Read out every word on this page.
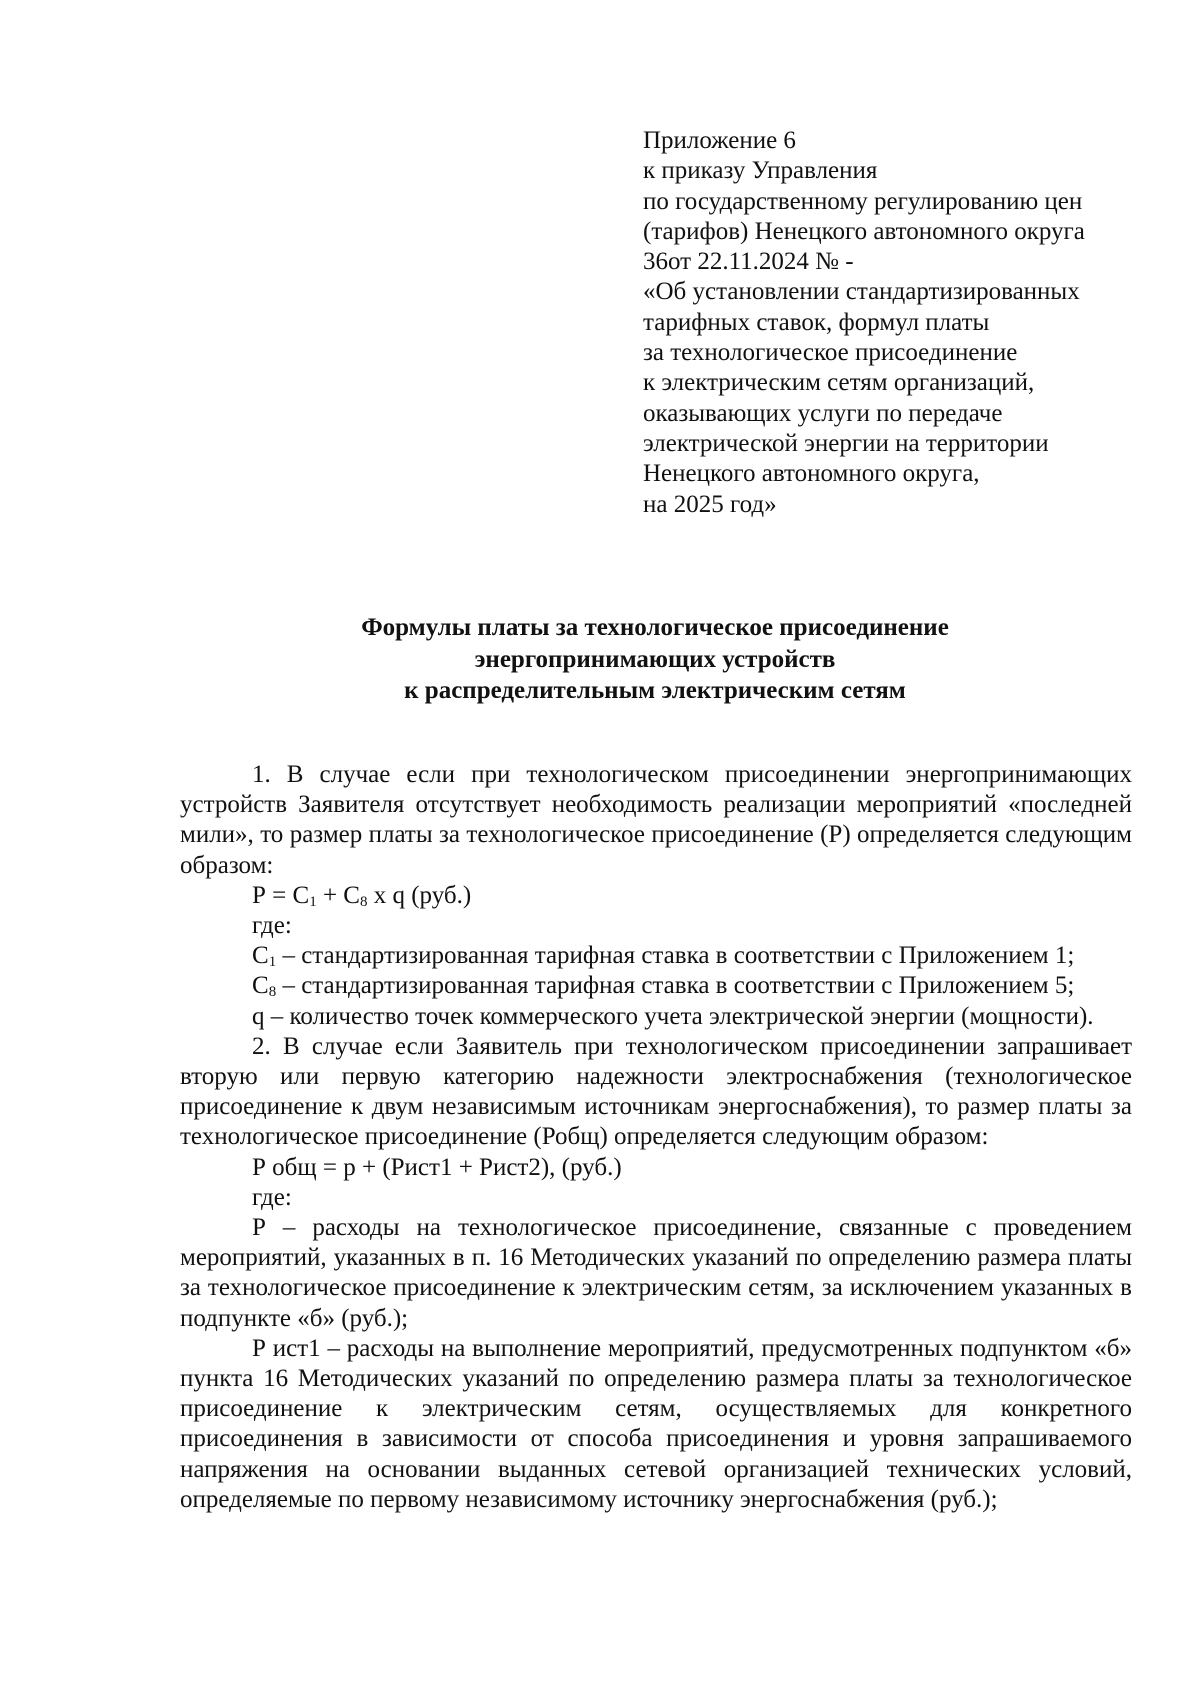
Приложение 6
к приказу Управления
по государственному регулированию цен
(тарифов) Ненецкого автономного округа
36от 22.11.2024 № -
«Об установлении стандартизированных
тарифных ставок, формул платы
за технологическое присоединение
к электрическим сетям организаций,
оказывающих услуги по передаче
электрической энергии на территории
Ненецкого автономного округа,
на 2025 год»
Формулы платы за технологическое присоединение
энергопринимающих устройств
к распределительным электрическим сетям

1. В случае если при технологическом присоединении энергопринимающих устройств Заявителя отсутствует необходимость реализации мероприятий «последней мили», то размер платы за технологическое присоединение (Р) определяется следующим образом:

$Р = С_1 + С_8$ х q (руб.)

где:

$С_1$ – стандартизированная тарифная ставка в соответствии с Приложением 1;

$С_8$ – стандартизированная тарифная ставка в соответствии с Приложением 5;

q – количество точек коммерческого учета электрической энергии (мощности).

2. В случае если Заявитель при технологическом присоединении запрашивает вторую или первую категорию надежности электроснабжения (технологическое присоединение к двум независимым источникам энергоснабжения), то размер платы за технологическое присоединение (Робщ) определяется следующим образом:

Р общ = р + (Рист1 + Рист2), (руб.)

где:

Р – расходы на технологическое присоединение, связанные с проведением мероприятий, указанных в п. 16 Методических указаний по определению размера платы за технологическое присоединение к электрическим сетям, за исключением указанных в подпункте «б» (руб.);

Р ист1 – расходы на выполнение мероприятий, предусмотренных подпунктом «б» пункта 16 Методических указаний по определению размера платы за технологическое присоединение к электрическим сетям, осуществляемых для конкретного присоединения в зависимости от способа присоединения и уровня запрашиваемого напряжения на основании выданных сетевой организацией технических условий, определяемые по первому независимому источнику энергоснабжения (руб.);
